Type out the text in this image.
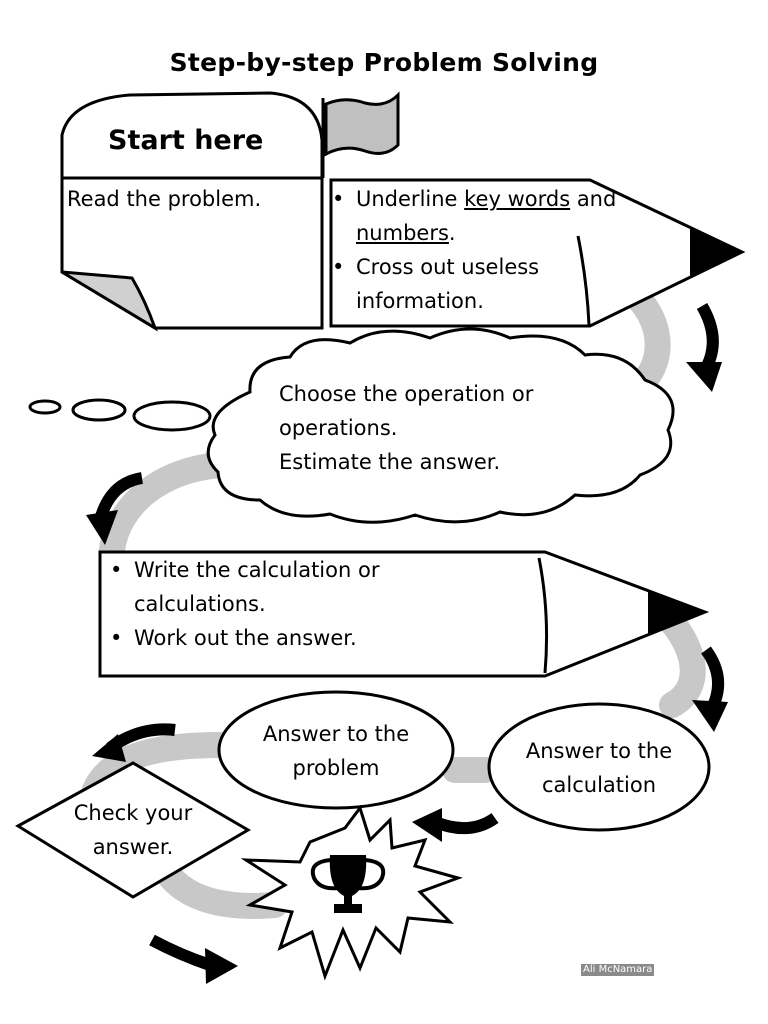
Step-by-step Problem Solving
Start here
Read the problem.
•	Underline key words and
numbers.
• Cross out useless
information.
Choose the operation or
operations.
Estimate the answer.
• Write the calculation or
calculations.
• Work out the answer.
Answer to the
calculation
Answer to the
problem
Check your
answer.
Ali McNamara
